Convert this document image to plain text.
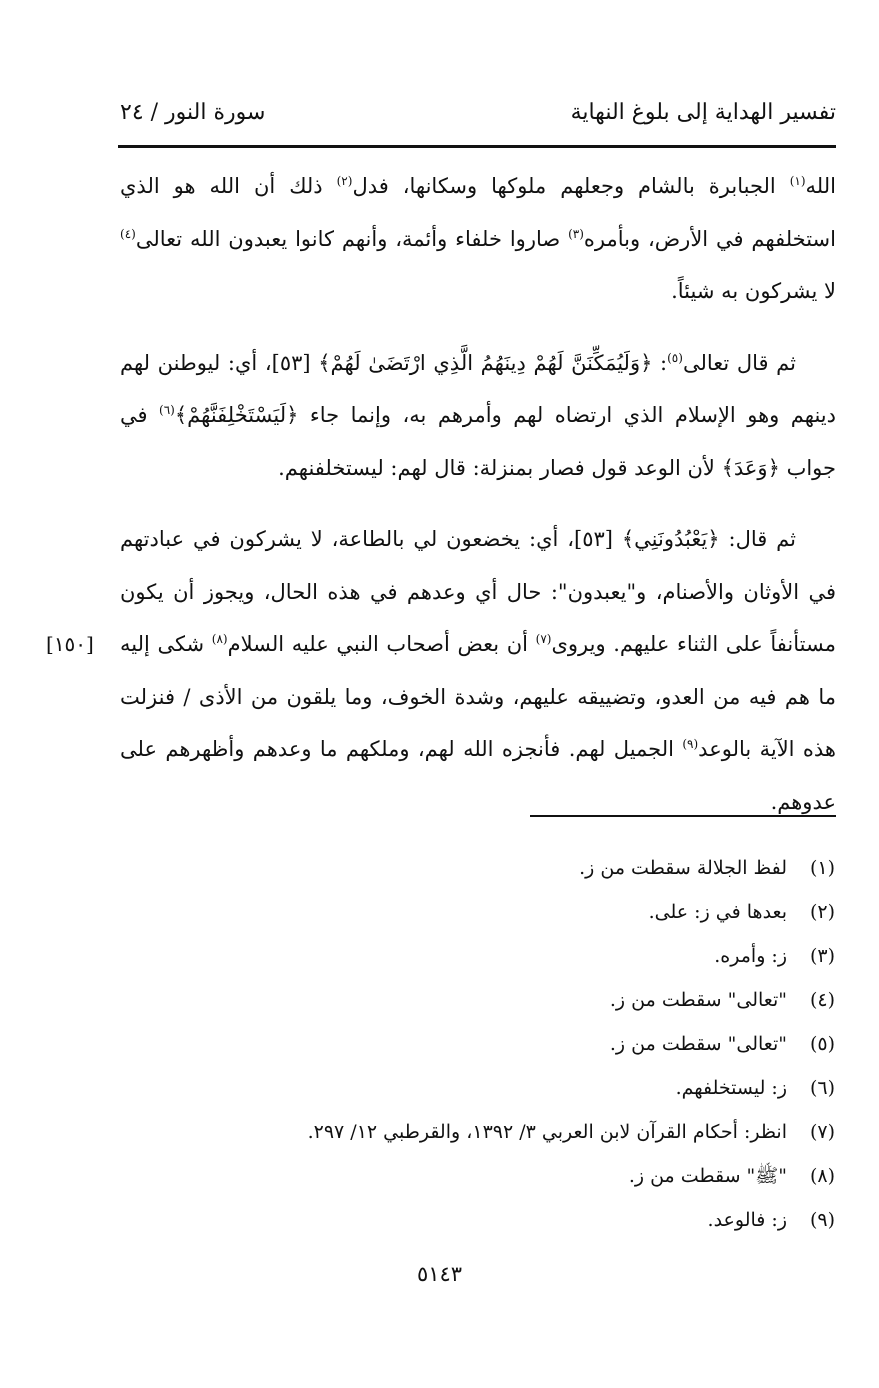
تفسير الهداية إلى بلوغ النهاية
سورة النور / ٢٤

الله$^{(١)}$ الجبابرة بالشام وجعلهم ملوكها وسكانها، فدل$^{(٢)}$ ذلك أن الله هو الذي استخلفهم في الأرض، وبأمره$^{(٣)}$ صاروا خلفاء وأئمة، وأنهم كانوا يعبدون الله تعالى$^{(٤)}$ لا يشركون به شيئاً.

ثم قال تعالى$^{(٥)}$: ﴿وَلَيُمَكِّنَنَّ لَهُمْ دِينَهُمُ الَّذِي ارْتَضَىٰ لَهُمْ﴾ [٥٣]، أي: ليوطنن لهم دينهم وهو الإسلام الذي ارتضاه لهم وأمرهم به، وإنما جاء ﴿لَيَسْتَخْلِفَنَّهُمْ﴾$^{(٦)}$ في جواب ﴿وَعَدَ﴾ لأن الوعد قول فصار بمنزلة: قال لهم: ليستخلفنهم.

ثم قال: ﴿يَعْبُدُونَنِي﴾ [٥٣]، أي: يخضعون لي بالطاعة، لا يشركون في عبادتهم في الأوثان والأصنام، و"يعبدون": حال أي وعدهم في هذه الحال، ويجوز أن يكون مستأنفاً على الثناء عليهم. ويروى$^{(٧)}$ أن بعض أصحاب النبي عليه السلام$^{(٨)}$ شكى إليه ما هم فيه من العدو، وتضييقه عليهم، وشدة الخوف، وما يلقون من الأذى / فنزلت هذه الآية بالوعد$^{(٩)}$ الجميل لهم. فأنجزه الله لهم، وملكهم ما وعدهم وأظهرهم على عدوهم.

[١٥٠]
(١)لفظ الجلالة سقطت من ز.
(٢)بعدها في ز: على.
(٣)ز: وأمره.
(٤)"تعالى" سقطت من ز.
(٥)"تعالى" سقطت من ز.
(٦)ز: ليستخلفهم.
(٧)انظر: أحكام القرآن لابن العربي ٣/ ١٣٩٢، والقرطبي ١٢/ ٢٩٧.
(٨)"ﷺ" سقطت من ز.
(٩)ز: فالوعد.
٥١٤٣
